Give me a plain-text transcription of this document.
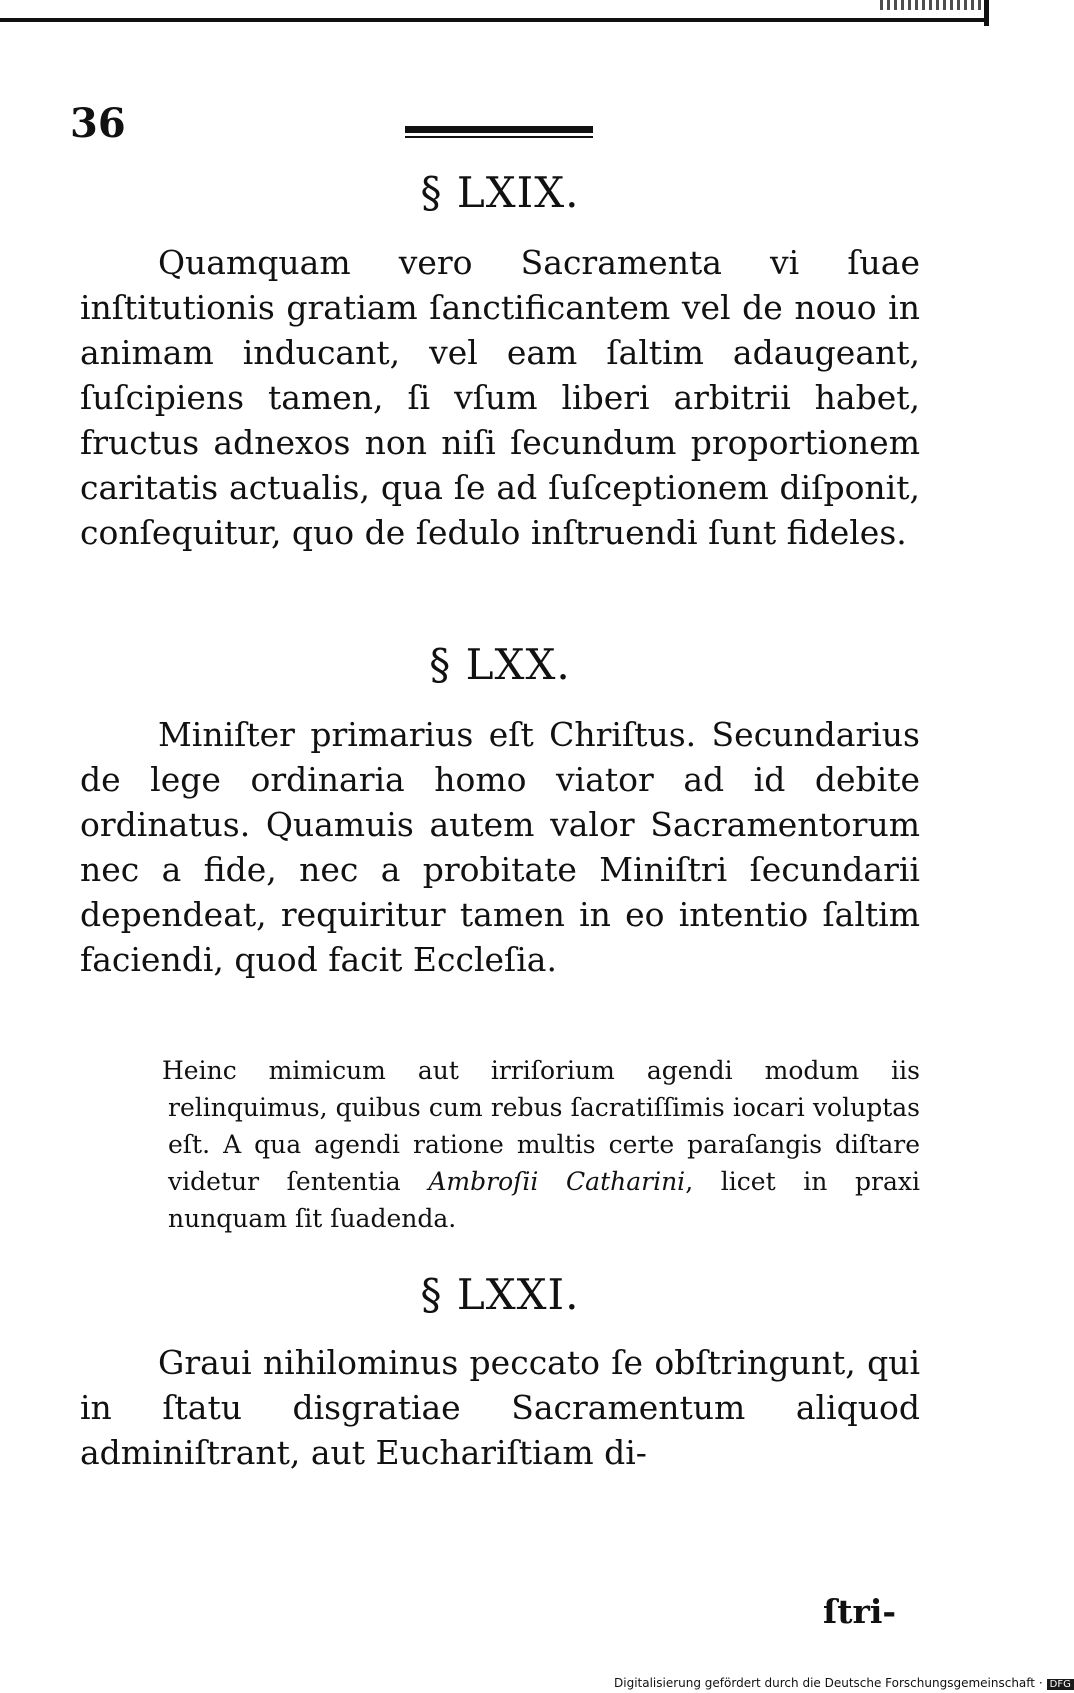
36
§ LXIX.

Quamquam vero Sacramenta vi ſuae inſtitutionis gratiam ſanctificantem vel de nouo in animam inducant, vel eam ſaltim adaugeant, ſuſcipiens tamen, ſi vſum liberi arbitrii habet, fructus adnexos non niſi ſecundum proportionem caritatis actualis, qua ſe ad ſuſceptionem diſponit, conſequitur, quo de ſedulo inſtruendi ſunt fideles.

§ LXX.

Miniſter primarius eſt Chriſtus. Secundarius de lege ordinaria homo viator ad id debite ordinatus. Quamuis autem valor Sacramentorum nec a fide, nec a probitate Miniſtri ſecundarii dependeat, requiritur tamen in eo intentio ſaltim faciendi, quod facit Eccleſia.

Heinc mimicum aut irriſorium agendi modum iis relinquimus, quibus cum rebus ſacratiſſimis iocari voluptas eſt. A qua agendi ratione multis certe paraſangis diſtare videtur ſententia Ambroſii Catharini, licet in praxi nunquam ſit ſuadenda.

§ LXXI.

Graui nihilominus peccato ſe obſtringunt, qui in ſtatu disgratiae Sacramentum aliquod adminiſtrant, aut Euchariſtiam di-

ſtri-
Digitalisierung gefördert durch die Deutsche Forschungsgemeinschaft · DFG
